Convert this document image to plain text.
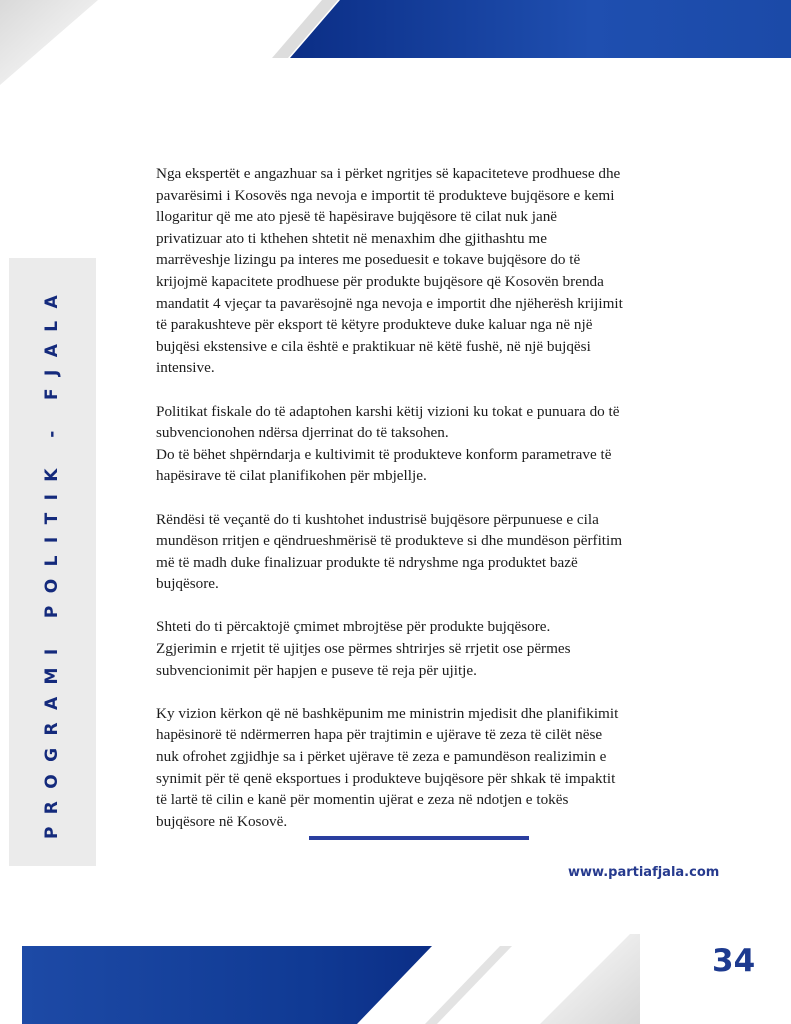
PROGRAMI POLITIK - FJALA

Nga ekspertët e angazhuar sa i përket ngritjes së kapaciteteve prodhuese dhe
pavarësimi i Kosovës nga nevoja e importit të produkteve bujqësore e kemi
llogaritur që me ato pjesë të hapësirave bujqësore të cilat nuk janë
privatizuar ato ti kthehen shtetit në menaxhim dhe gjithashtu me
marrëveshje lizingu pa interes me poseduesit e tokave bujqësore do të
krijojmë kapacitete prodhuese për produkte bujqësore që Kosovën brenda
mandatit 4 vjeçar ta pavarësojnë nga nevoja e importit dhe njëherësh krijimit
të parakushteve për eksport të këtyre produkteve duke kaluar nga në një
bujqësi ekstensive e cila është e praktikuar në këtë fushë, në një bujqësi
intensive.

Politikat fiskale do të adaptohen karshi këtij vizioni ku tokat e punuara do të
subvencionohen ndërsa djerrinat do të taksohen.
Do të bëhet shpërndarja e kultivimit të produkteve konform parametrave të
hapësirave të cilat planifikohen për mbjellje.

Rëndësi të veçantë do ti kushtohet industrisë bujqësore përpunuese e cila
mundëson rritjen e qëndrueshmërisë të produkteve si dhe mundëson përfitim
më të madh duke finalizuar produkte të ndryshme nga produktet bazë
bujqësore.

Shteti do ti përcaktojë çmimet mbrojtëse për produkte bujqësore.
Zgjerimin e rrjetit të ujitjes ose përmes shtrirjes së rrjetit ose përmes
subvencionimit për hapjen e puseve të reja për ujitje.

Ky vizion kërkon që në bashkëpunim me ministrin mjedisit dhe planifikimit
hapësinorë të ndërmerren hapa për trajtimin e ujërave të zeza të cilët nëse
nuk ofrohet zgjidhje sa i përket ujërave të zeza e pamundëson realizimin e
synimit për të qenë eksportues i produkteve bujqësore për shkak të impaktit
të lartë të cilin e kanë për momentin ujërat e zeza në ndotjen e tokës
bujqësore në Kosovë.

www.partiafjala.com
34
